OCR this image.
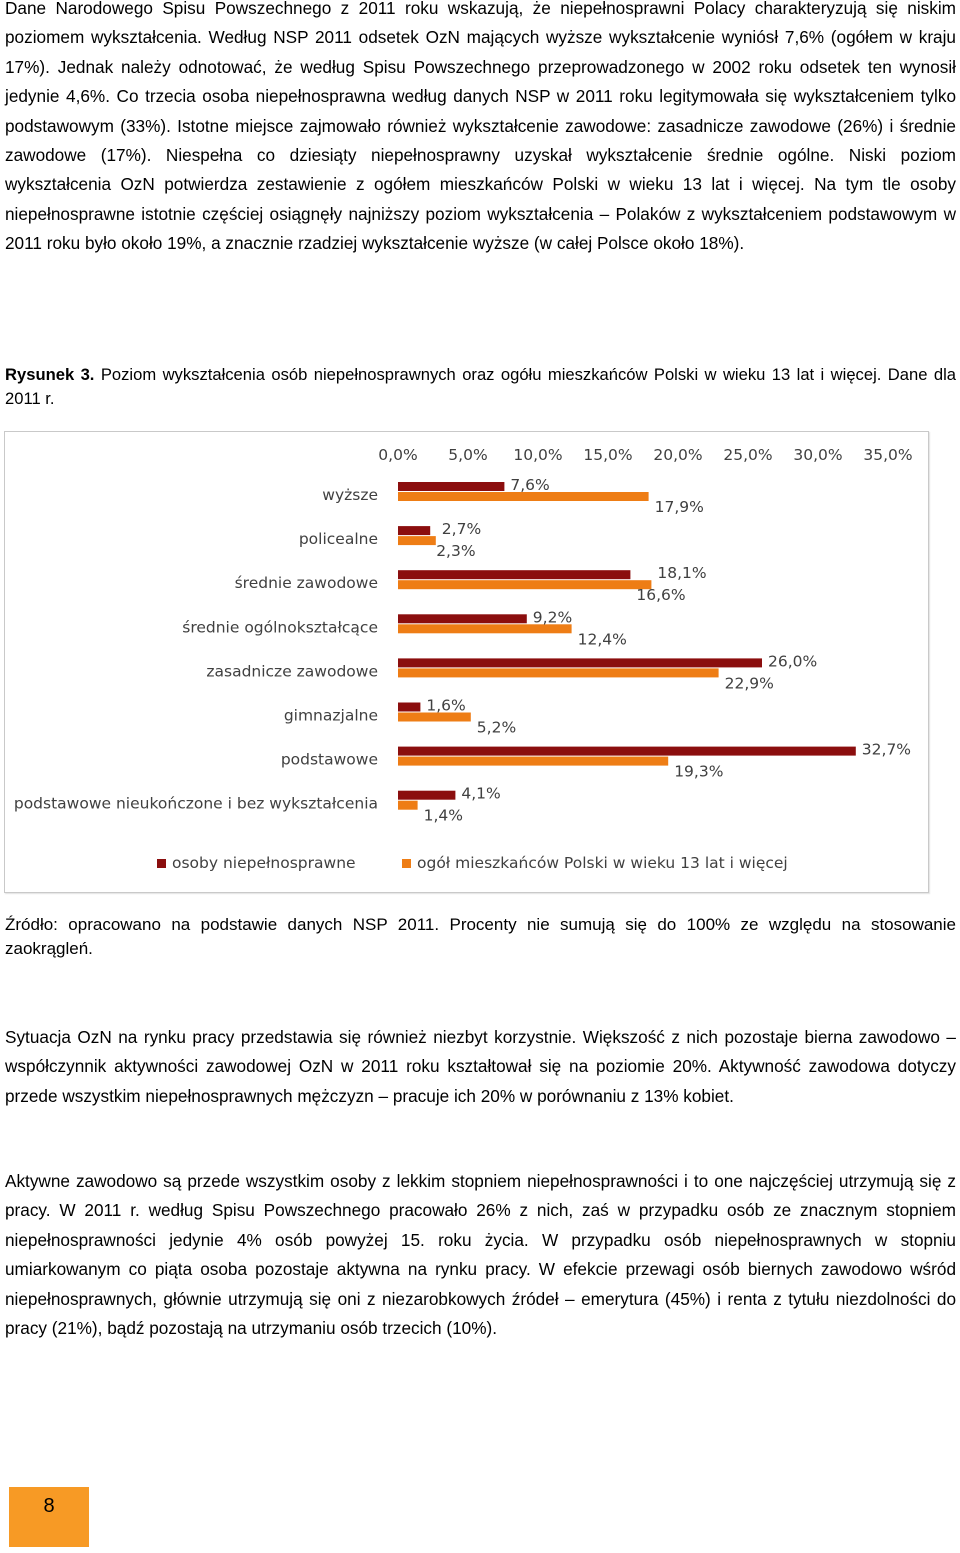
Dane Narodowego Spisu Powszechnego z 2011 roku wskazują, że niepełnosprawni Polacy charakteryzują się niskim poziomem wykształcenia. Według NSP 2011 odsetek OzN mających wyższe wykształcenie wyniósł 7,6% (ogółem w kraju 17%). Jednak należy odnotować, że według Spisu Powszechnego przeprowadzonego w 2002 roku odsetek ten wynosił jedynie 4,6%. Co trzecia osoba niepełnosprawna według danych NSP w 2011 roku legitymowała się wykształceniem tylko podstawowym (33%). Istotne miejsce zajmowało również wykształcenie zawodowe: zasadnicze zawodowe (26%) i średnie zawodowe (17%). Niespełna co dziesiąty niepełnosprawny uzyskał wykształcenie średnie ogólne. Niski poziom wykształcenia OzN potwierdza zestawienie z ogółem mieszkańców Polski w wieku 13 lat i więcej. Na tym tle osoby niepełnosprawne istotnie częściej osiągnęły najniższy poziom wykształcenia – Polaków z wykształceniem podstawowym w 2011 roku było około 19%, a znacznie rzadziej wykształcenie wyższe (w całej Polsce około 18%).

Rysunek 3. Poziom wykształcenia osób niepełnosprawnych oraz ogółu mieszkańców Polski w wieku 13 lat i więcej. Dane dla 2011 r.

0,0% 5,0% 10,0% 15,0% 20,0% 25,0% 30,0% 35,0%
wyższe
7,6%
17,9%
policealne
2,3%
2,7%
średnie zawodowe
16,6%
18,1%
średnie ogólnokształcące
9,2%
12,4%
zasadnicze zawodowe
26,0%
22,9%
gimnazjalne
1,6%
5,2%
podstawowe
32,7%
19,3%
podstawowe nieukończone i bez wykształcenia
4,1%
1,4%
osoby niepełnosprawne	ogół mieszkańców Polski w wieku 13 lat i więcej

Źródło: opracowano na podstawie danych NSP 2011. Procenty nie sumują się do 100% ze względu na stosowanie zaokrągleń.

Sytuacja OzN na rynku pracy przedstawia się również niezbyt korzystnie. Większość z nich pozostaje bierna zawodowo – współczynnik aktywności zawodowej OzN w 2011 roku kształtował się na poziomie 20%. Aktywność zawodowa dotyczy przede wszystkim niepełnosprawnych mężczyzn – pracuje ich 20% w porównaniu z 13% kobiet.

Aktywne zawodowo są przede wszystkim osoby z lekkim stopniem niepełnosprawności i to one najczęściej utrzymują się z pracy. W 2011 r. według Spisu Powszechnego pracowało 26% z nich, zaś w przypadku osób ze znacznym stopniem niepełnosprawności jedynie 4% osób powyżej 15. roku życia. W przypadku osób niepełnosprawnych w stopniu umiarkowanym co piąta osoba pozostaje aktywna na rynku pracy. W efekcie przewagi osób biernych zawodowo wśród niepełnosprawnych, głównie utrzymują się oni z niezarobkowych źródeł – emerytura (45%) i renta z tytułu niezdolności do pracy (21%), bądź pozostają na utrzymaniu osób trzecich (10%).

8
